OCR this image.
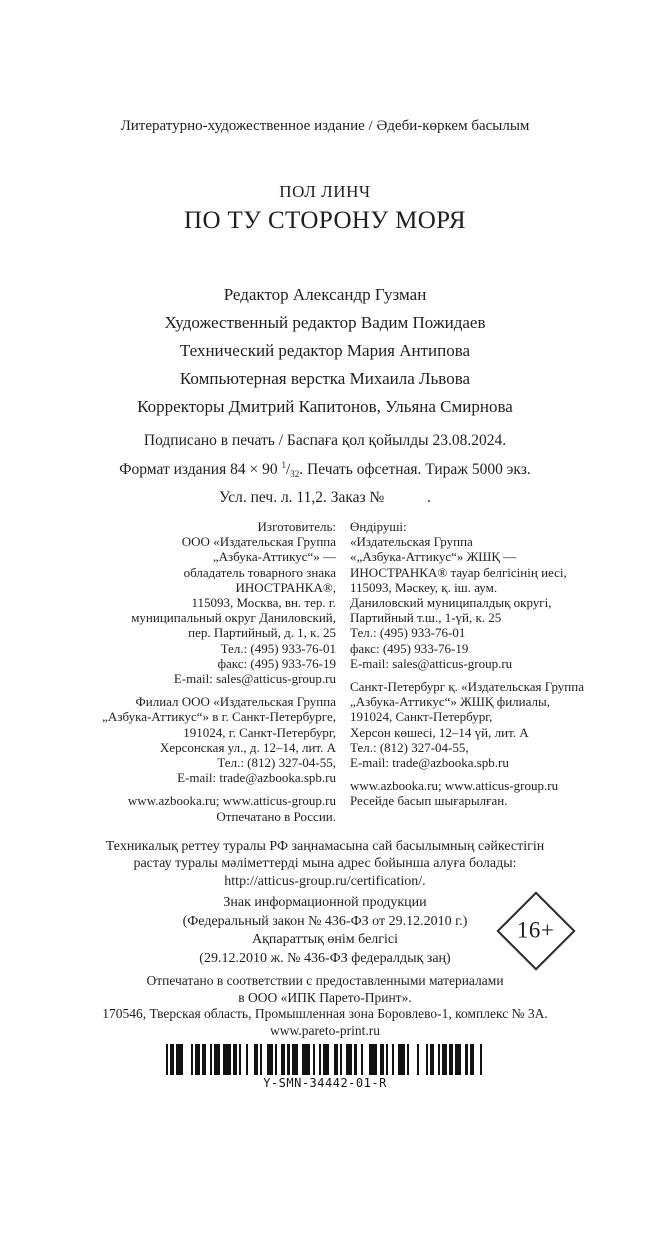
Литературно-художественное издание / Әдеби-көркем басылым
ПОЛ ЛИНЧ
ПО ТУ СТОРОНУ МОРЯ
Редактор Александр Гузман
Художественный редактор Вадим Пожидаев
Технический редактор Мария Антипова
Компьютерная верстка Михаила Львова
Корректоры Дмитрий Капитонов, Ульяна Смирнова
Подписано в печать / Баспаға қол қойылды 23.08.2024.
Формат издания 84 × 90 $^1/_{32}$. Печать офсетная. Тираж 5000 экз.
Усл. печ. л. 11,2. Заказ №           .
Изготовитель:
ООО «Издательская Группа
„Азбука-Аттикус“» —
обладатель товарного знака ИНОСТРАНКА®,
115093, Москва, вн. тер. г.
муниципальный округ Даниловский,
пер. Партийный, д. 1, к. 25
Тел.: (495) 933-76-01
факс: (495) 933-76-19
E-mail: sales@atticus-group.ru
Филиал ООО «Издательская Группа
„Азбука-Аттикус“» в г. Санкт-Петербурге,
191024, г. Санкт-Петербург,
Херсонская ул., д. 12–14, лит. А
Тел.: (812) 327-04-55,
E-mail: trade@azbooka.spb.ru
www.azbooka.ru; www.atticus-group.ru
Отпечатано в России.
Өндіруші:
«Издательская Группа
«„Азбука-Аттикус“» ЖШҚ —
ИНОСТРАНКА® тауар белгісінің иесі,
115093, Мәскеу, қ. іш. аум.
Даниловский муниципалдық округі,
Партийный т.ш., 1-үй, к. 25
Тел.: (495) 933-76-01
факс: (495) 933-76-19
E-mail: sales@atticus-group.ru
Санкт-Петербург қ. «Издательская Группа
„Азбука-Аттикус“» ЖШҚ филиалы,
191024, Санкт-Петербург,
Херсон көшесі, 12–14 үй, лит. А
Тел.: (812) 327-04-55,
E-mail: trade@azbooka.spb.ru
www.azbooka.ru; www.atticus-group.ru
Ресейде басып шығарылған.
Техникалық реттеу туралы РФ заңнамасына сай басылымның сәйкестігін
растау туралы мәліметтерді мына адрес бойынша алуға болады:
http://atticus-group.ru/certification/.
Знак информационной продукции
(Федеральный закон № 436-ФЗ от 29.12.2010 г.)
Ақпараттық өнім белгісі
(29.12.2010 ж. № 436-ФЗ федералдық заң)
16+
Отпечатано в соответствии с предоставленными материалами
в ООО «ИПК Парето-Принт».
170546, Тверская область, Промышленная зона Боровлево-1, комплекс № 3А.
www.pareto-print.ru
Y-SMN-34442-01-R
